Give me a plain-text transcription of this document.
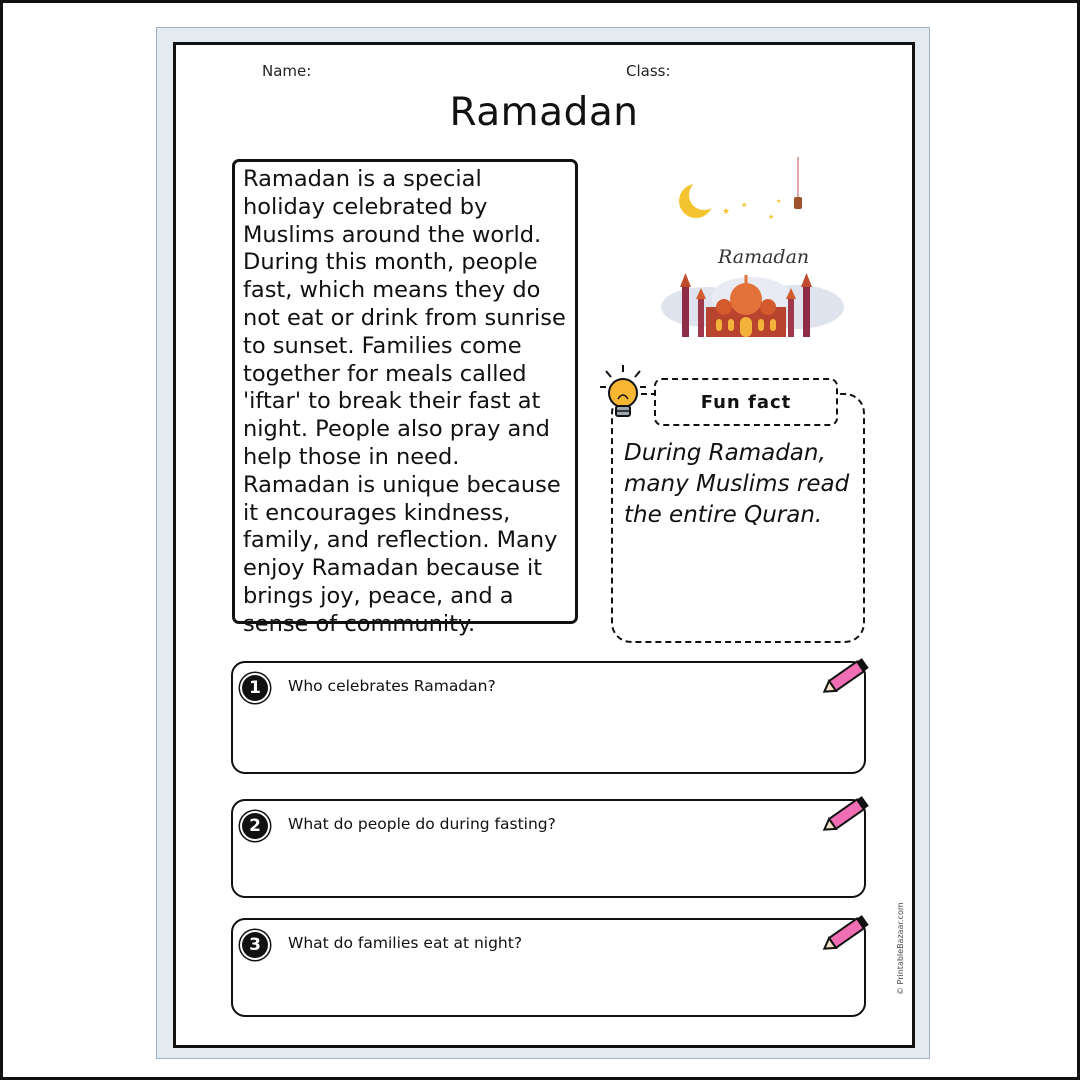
Name:	Class:
Ramadan
Ramadan is a special holiday celebrated by Muslims around the world. During this month, people fast, which means they do not eat or drink from sunrise to sunset. Families come together for meals called 'iftar' to break their fast at night. People also pray and help those in need. Ramadan is unique because it encourages kindness, family, and reflection. Many enjoy Ramadan because it brings joy, peace, and a sense of community.
★
★
★
★
Ramadan
Fun fact
During Ramadan, many Muslims read the entire Quran.
1	Who celebrates Ramadan?
2	What do people do during fasting?
3	What do families eat at night?	© PrintableBazaar.com
